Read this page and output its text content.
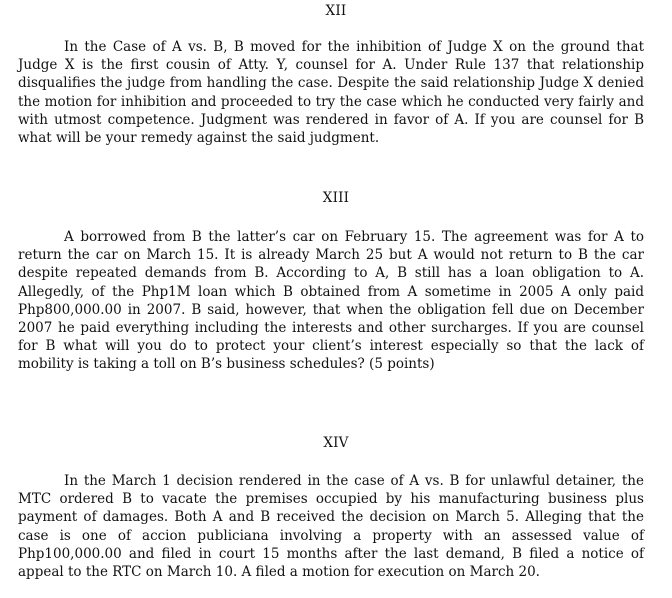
XII

In the Case of A vs. B, B moved for the inhibition of Judge X on the ground that Judge X is the first cousin of Atty. Y, counsel for A. Under Rule 137 that relationship disqualifies the judge from handling the case. Despite the said relationship Judge X denied the motion for inhibition and proceeded to try the case which he conducted very fairly and with utmost competence. Judgment was rendered in favor of A. If you are counsel for B what will be your remedy against the said judgment.

XIII

A borrowed from B the latter’s car on February 15. The agreement was for A to return the car on March 15. It is already March 25 but A would not return to B the car despite repeated demands from B. According to A, B still has a loan obligation to A. Allegedly, of the Php1M loan which B obtained from A sometime in 2005 A only paid Php800,000.00 in 2007. B said, however, that when the obligation fell due on December 2007 he paid everything including the interests and other surcharges. If you are counsel for B what will you do to protect your client’s interest especially so that the lack of mobility is taking a toll on B’s business schedules? (5 points)

XIV

In the March 1 decision rendered in the case of A vs. B for unlawful detainer, the MTC ordered B to vacate the premises occupied by his manufacturing business plus payment of damages. Both A and B received the decision on March 5. Alleging that the case is one of accion publiciana involving a property with an assessed value of Php100,000.00 and filed in court 15 months after the last demand, B filed a notice of appeal to the RTC on March 10. A filed a motion for execution on March 20.
